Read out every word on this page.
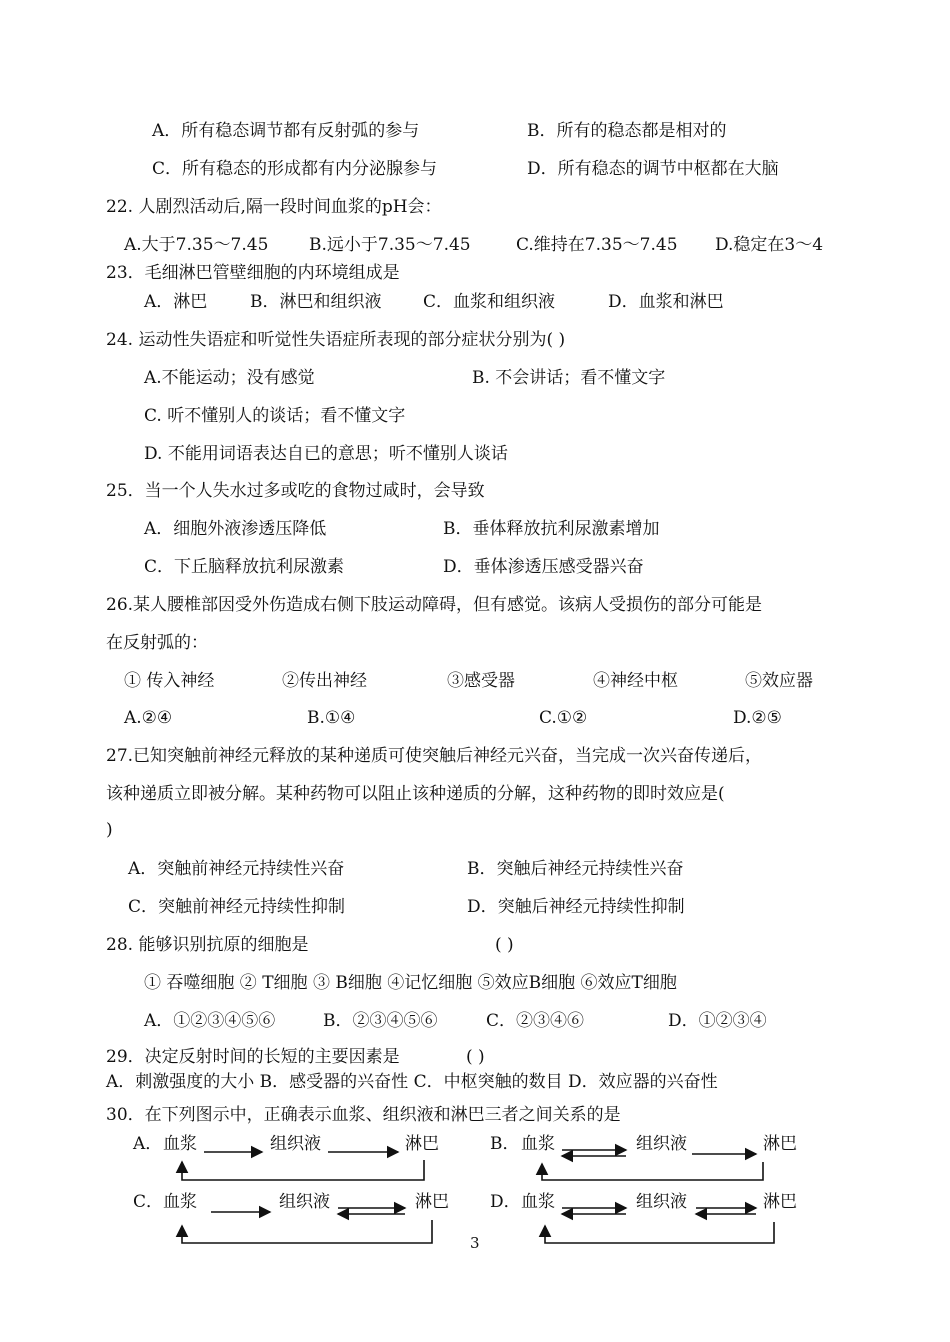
A．所有稳态调节都有反射弧的参与	B．所有的稳态都是相对的
C．所有稳态的形成都有内分泌腺参与	D．所有稳态的调节中枢都在大脑
22. 人剧烈活动后,隔一段时间血浆的pH会：
A.大于7.35～7.45 B.远小于7.35～7.45	C.维持在7.35～7.45 D.稳定在3～4
23．毛细淋巴管壁细胞的内环境组成是
A．淋巴	B．淋巴和组织液 C．血浆和组织液	D．血浆和淋巴
24. 运动性失语症和听觉性失语症所表现的部分症状分别为( )
A.不能运动；没有感觉	B. 不会讲话；看不懂文字
C. 听不懂别人的谈话；看不懂文字
D. 不能用词语表达自已的意思；听不懂别人谈话
25．当一个人失水过多或吃的食物过咸时，会导致
A．细胞外液渗透压降低	B．垂体释放抗利尿激素增加
C．下丘脑释放抗利尿激素	D．垂体渗透压感受器兴奋
26.某人腰椎部因受外伤造成右侧下肢运动障碍，但有感觉。该病人受损伤的部分可能是
在反射弧的：
① 传入神经	②传出神经	③感受器	④神经中枢	⑤效应器
A.②④	B.①④	C.①②	D.②⑤
27.已知突触前神经元释放的某种递质可使突触后神经元兴奋，当完成一次兴奋传递后，
该种递质立即被分解。某种药物可以阻止该种递质的分解，这种药物的即时效应是(
)
A．突触前神经元持续性兴奋	B．突触后神经元持续性兴奋
C．突触前神经元持续性抑制	D．突触后神经元持续性抑制
28. 能够识别抗原的细胞是	( )
① 吞噬细胞 ② T细胞 ③ B细胞 ④记忆细胞 ⑤效应B细胞 ⑥效应T细胞
A．①②③④⑤⑥	B．②③④⑤⑥	C．②③④⑥	D．①②③④
29．决定反射时间的长短的主要因素是	( )
A．刺激强度的大小 B．感受器的兴奋性 C．中枢突触的数目 D．效应器的兴奋性
30．在下列图示中，正确表示血浆、组织液和淋巴三者之间关系的是
A． 血浆	组织液	淋巴	B． 血浆	组织液	淋巴
C． 血浆	组织液	淋巴 D． 血浆	组织液	淋巴
3
